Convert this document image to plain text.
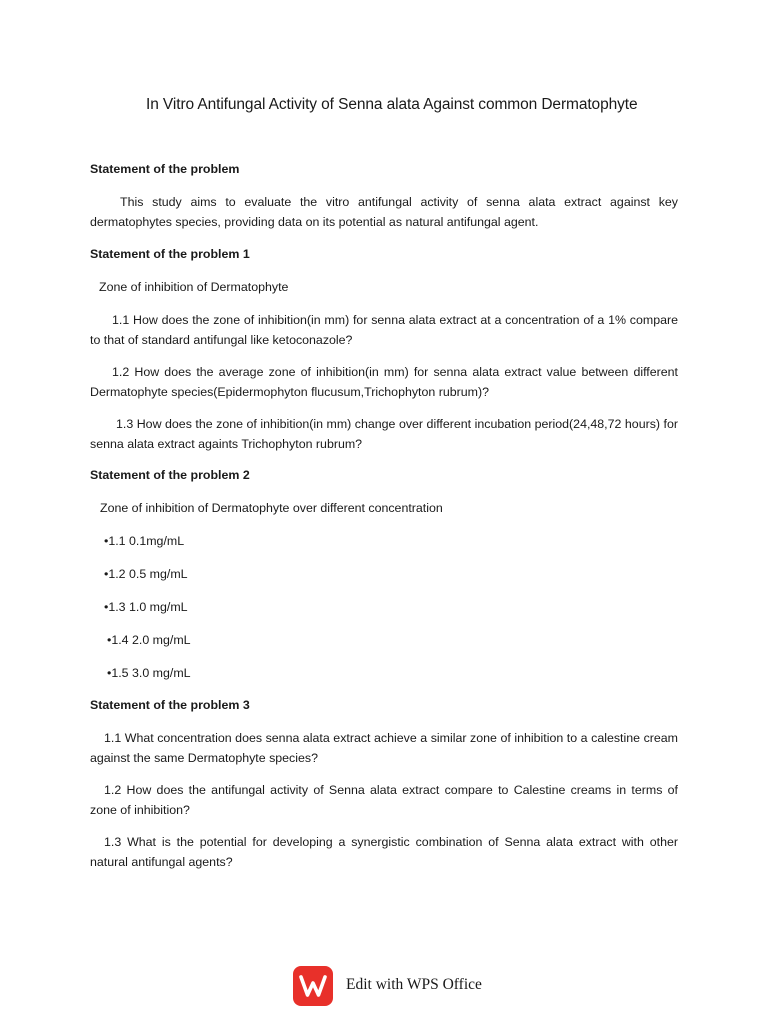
In Vitro Antifungal Activity of Senna alata Against common Dermatophyte
Statement of the problem
This study aims to evaluate the vitro antifungal activity of senna alata extract against key dermatophytes species, providing data on its potential as natural antifungal agent.
Statement of the problem 1
Zone of inhibition of Dermatophyte
1.1 How does the zone of inhibition(in mm) for senna alata extract at a concentration of a 1% compare to that of standard antifungal like ketoconazole?
1.2 How does the average zone of inhibition(in mm) for senna alata extract value between different Dermatophyte species(Epidermophyton flucusum,Trichophyton rubrum)?
1.3 How does the zone of inhibition(in mm) change over different incubation period(24,48,72 hours) for senna alata extract againts Trichophyton rubrum?
Statement of the problem 2
Zone of inhibition of Dermatophyte over different concentration
•1.1 0.1mg/mL
•1.2 0.5 mg/mL
•1.3 1.0 mg/mL
•1.4 2.0 mg/mL
•1.5 3.0 mg/mL
Statement of the problem 3
1.1 What concentration does senna alata extract achieve a similar zone of inhibition to a calestine cream against the same Dermatophyte species?
1.2 How does the antifungal activity of Senna alata extract compare to Calestine creams in terms of zone of inhibition?
1.3 What is the potential for developing a synergistic combination of Senna alata extract with other natural antifungal agents?
Edit with WPS Office
